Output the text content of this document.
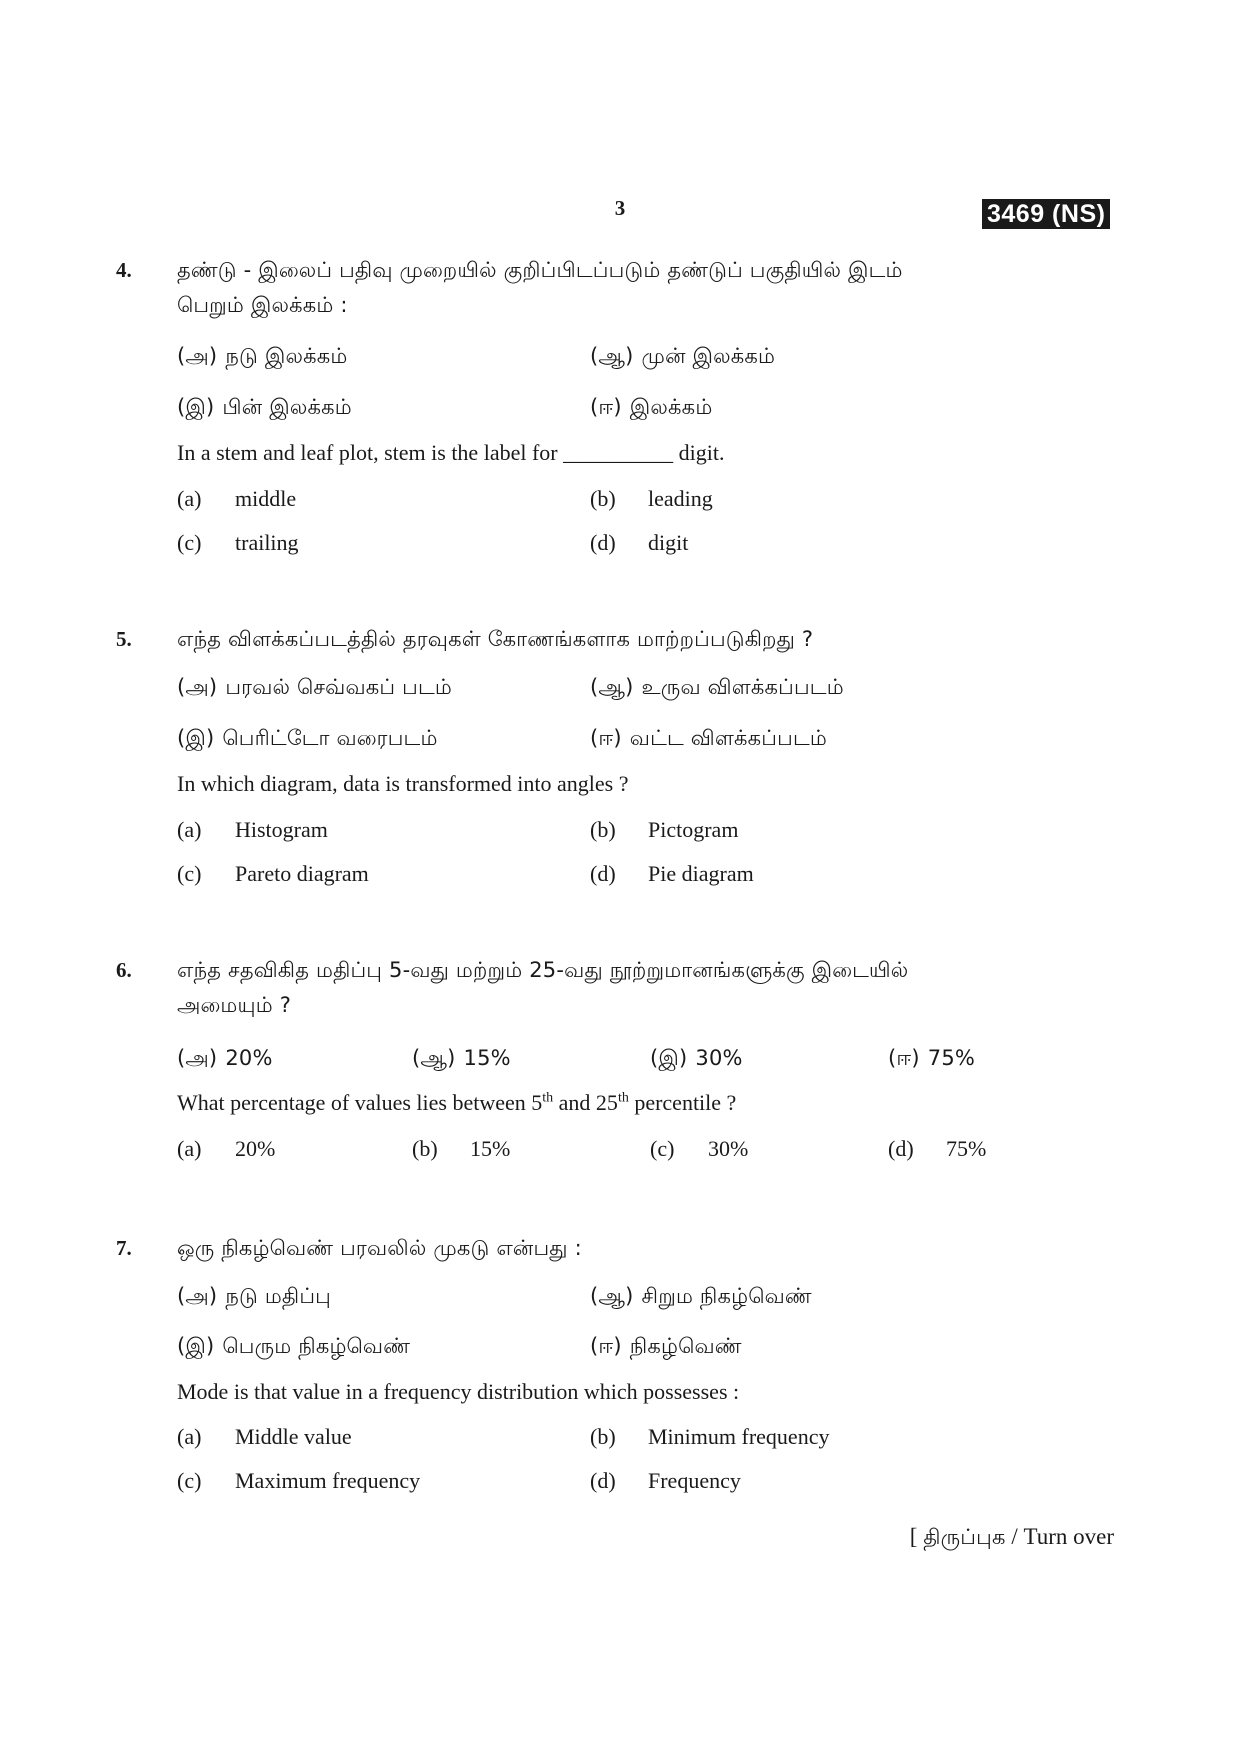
3	3469 (NS)
4. தண்டு - இலைப் பதிவு முறையில் குறிப்பிடப்படும் தண்டுப் பகுதியில் இடம்
பெறும் இலக்கம் :
(அ) நடு இலக்கம்	(ஆ) முன் இலக்கம்
(இ) பின் இலக்கம்	(ஈ) இலக்கம்
In a stem and leaf plot, stem is the label for __________ digit.
(a) middle	(b) leading
(c) trailing	(d) digit
5. எந்த விளக்கப்படத்தில் தரவுகள் கோணங்களாக மாற்றப்படுகிறது ?
(அ) பரவல் செவ்வகப் படம்	(ஆ) உருவ விளக்கப்படம்
(இ) பெரிட்டோ வரைபடம்	(ஈ) வட்ட விளக்கப்படம்
In which diagram, data is transformed into angles ?
(a) Histogram	(b) Pictogram
(c) Pareto diagram	(d) Pie diagram
6. எந்த சதவிகித மதிப்பு 5-வது மற்றும் 25-வது நூற்றுமானங்களுக்கு இடையில்
அமையும் ?
(அ) 20%	(ஆ) 15%	(இ) 30%	(ஈ) 75%
What percentage of values lies between 5th and 25th percentile ?
(a) 20%	(b) 15%	(c) 30%	(d) 75%
7. ஒரு நிகழ்வெண் பரவலில் முகடு என்பது :
(அ) நடு மதிப்பு	(ஆ) சிறும நிகழ்வெண்
(இ) பெரும நிகழ்வெண்	(ஈ) நிகழ்வெண்
Mode is that value in a frequency distribution which possesses :
(a) Middle value	(b) Minimum frequency
(c) Maximum frequency	(d) Frequency
[ திருப்புக / Turn over
